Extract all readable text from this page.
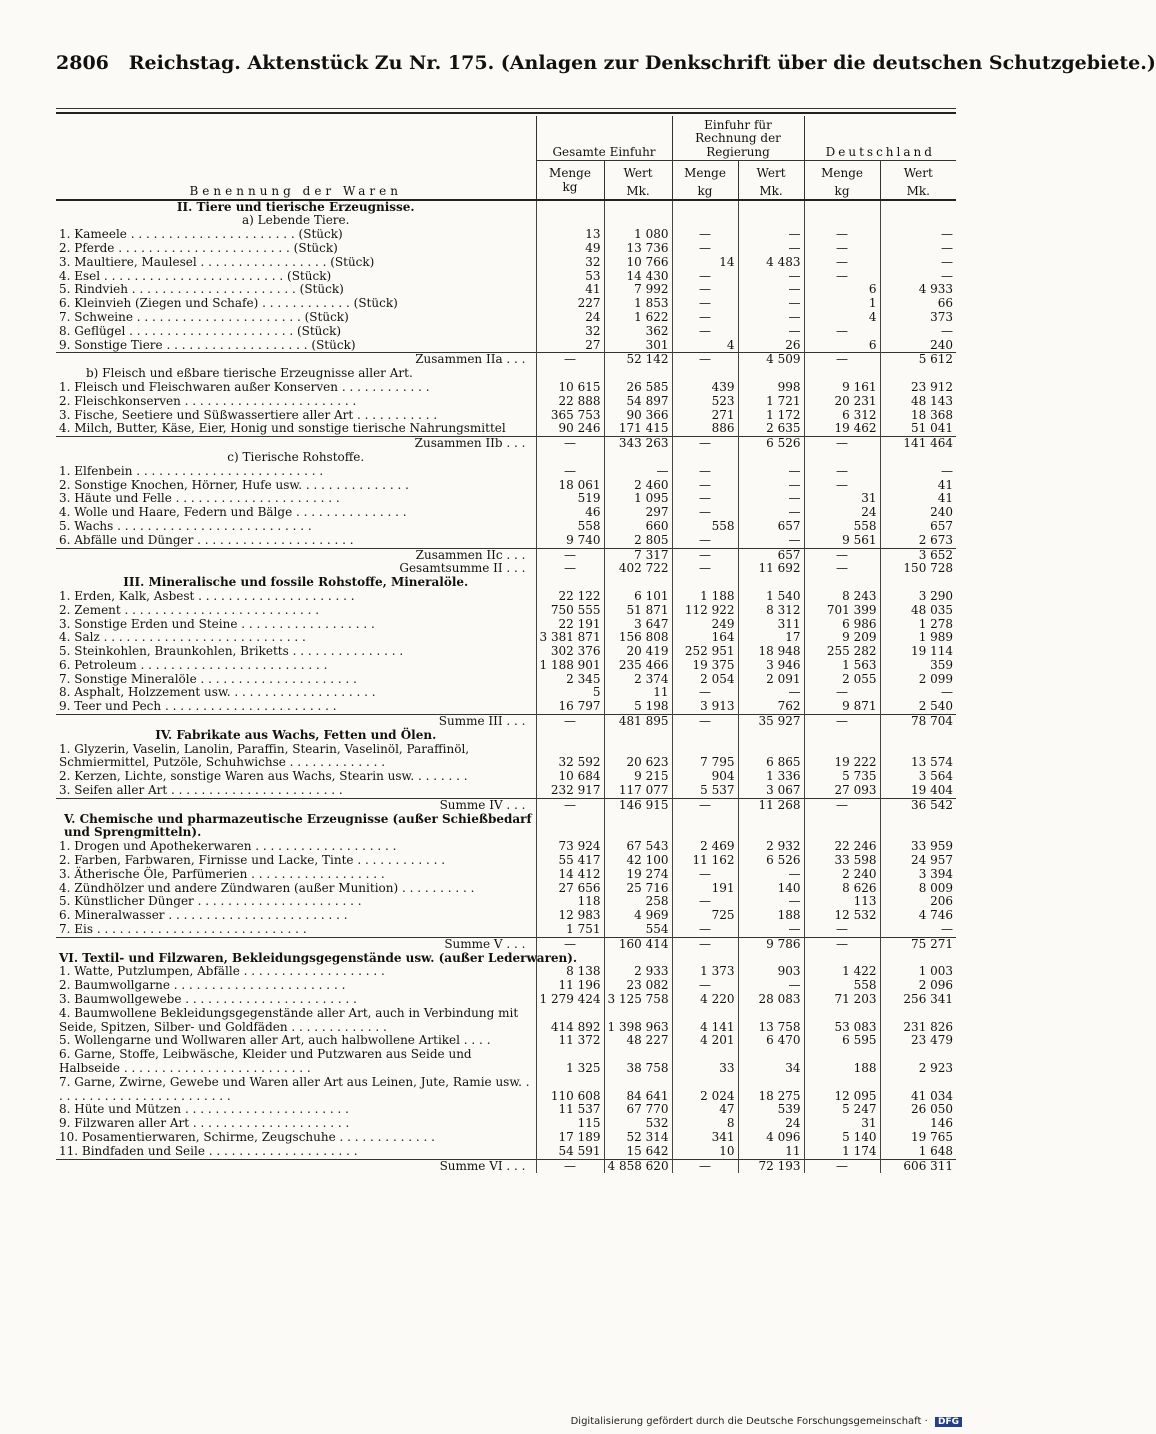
2806 Reichstag. Aktenstück Zu Nr. 175. (Anlagen zur Denkschrift über die deutschen Schutzgebiete.)
Benennung der Waren	Gesamte Einfuhr		Einfuhr für Rechnung der Regierung		Deutschland	
	Menge	Wert	Menge	Wert	Menge	Wert
	kg	Mk.	kg	Mk.	kg	Mk.
II. Tiere und tierische Erzeugnisse.						
a) Lebende Tiere.						
1. Kameele . . . . . . . . . . . . . . . . . . . . . . (Stück)	13	1 080	—	—	—	—
2. Pferde . . . . . . . . . . . . . . . . . . . . . . . (Stück)	49	13 736	—	—	—	—
3. Maultiere, Maulesel . . . . . . . . . . . . . . . . . (Stück)	32	10 766	14	4 483	—	—
4. Esel . . . . . . . . . . . . . . . . . . . . . . . . (Stück)	53	14 430	—	—	—	—
5. Rindvieh . . . . . . . . . . . . . . . . . . . . . . (Stück)	41	7 992	—	—	6	4 933
6. Kleinvieh (Ziegen und Schafe) . . . . . . . . . . . . (Stück)	227	1 853	—	—	1	66
7. Schweine . . . . . . . . . . . . . . . . . . . . . . (Stück)	24	1 622	—	—	4	373
8. Geflügel . . . . . . . . . . . . . . . . . . . . . . (Stück)	32	362	—	—	—	—
9. Sonstige Tiere . . . . . . . . . . . . . . . . . . . (Stück)	27	301	4	26	6	240
Zusammen IIa . . .	—	52 142	—	4 509	—	5 612
b) Fleisch und eßbare tierische Erzeugnisse aller Art.						
1. Fleisch und Fleischwaren außer Konserven . . . . . . . . . . . .	10 615	26 585	439	998	9 161	23 912
2. Fleischkonserven . . . . . . . . . . . . . . . . . . . . . . .	22 888	54 897	523	1 721	20 231	48 143
3. Fische, Seetiere und Süßwassertiere aller Art . . . . . . . . . . .	365 753	90 366	271	1 172	6 312	18 368
4. Milch, Butter, Käse, Eier, Honig und sonstige tierische Nahrungsmittel	90 246	171 415	886	2 635	19 462	51 041
Zusammen IIb . . .	—	343 263	—	6 526	—	141 464
c) Tierische Rohstoffe.						
1. Elfenbein . . . . . . . . . . . . . . . . . . . . . . . . .	—	—	—	—	—	—
2. Sonstige Knochen, Hörner, Hufe usw. . . . . . . . . . . . . . .	18 061	2 460	—	—	—	41
3. Häute und Felle . . . . . . . . . . . . . . . . . . . . . .	519	1 095	—	—	31	41
4. Wolle und Haare, Federn und Bälge . . . . . . . . . . . . . . .	46	297	—	—	24	240
5. Wachs . . . . . . . . . . . . . . . . . . . . . . . . . .	558	660	558	657	558	657
6. Abfälle und Dünger . . . . . . . . . . . . . . . . . . . . .	9 740	2 805	—	—	9 561	2 673
Zusammen IIc . . .	—	7 317	—	657	—	3 652
Gesamtsumme II . . .	—	402 722	—	11 692	—	150 728
III. Mineralische und fossile Rohstoffe, Mineralöle.						
1. Erden, Kalk, Asbest . . . . . . . . . . . . . . . . . . . . .	22 122	6 101	1 188	1 540	8 243	3 290
2. Zement . . . . . . . . . . . . . . . . . . . . . . . . . .	750 555	51 871	112 922	8 312	701 399	48 035
3. Sonstige Erden und Steine . . . . . . . . . . . . . . . . . .	22 191	3 647	249	311	6 986	1 278
4. Salz . . . . . . . . . . . . . . . . . . . . . . . . . . .	3 381 871	156 808	164	17	9 209	1 989
5. Steinkohlen, Braunkohlen, Briketts . . . . . . . . . . . . . . .	302 376	20 419	252 951	18 948	255 282	19 114
6. Petroleum . . . . . . . . . . . . . . . . . . . . . . . . .	1 188 901	235 466	19 375	3 946	1 563	359
7. Sonstige Mineralöle . . . . . . . . . . . . . . . . . . . . .	2 345	2 374	2 054	2 091	2 055	2 099
8. Asphalt, Holzzement usw. . . . . . . . . . . . . . . . . . . .	5	11	—	—	—	—
9. Teer und Pech . . . . . . . . . . . . . . . . . . . . . . .	16 797	5 198	3 913	762	9 871	2 540
Summe III . . .	—	481 895	—	35 927	—	78 704
IV. Fabrikate aus Wachs, Fetten und Ölen.						
1. Glyzerin, Vaselin, Lanolin, Paraffin, Stearin, Vaselinöl, Paraffinöl, Schmiermittel, Putzöle, Schuhwichse . . . . . . . . . . . . .	32 592	20 623	7 795	6 865	19 222	13 574
2. Kerzen, Lichte, sonstige Waren aus Wachs, Stearin usw. . . . . . . .	10 684	9 215	904	1 336	5 735	3 564
3. Seifen aller Art . . . . . . . . . . . . . . . . . . . . . . .	232 917	117 077	5 537	3 067	27 093	19 404
Summe IV . . .	—	146 915	—	11 268	—	36 542
V. Chemische und pharmazeutische Erzeugnisse (außer Schießbedarf und Sprengmitteln).						
1. Drogen und Apothekerwaren . . . . . . . . . . . . . . . . . . .	73 924	67 543	2 469	2 932	22 246	33 959
2. Farben, Farbwaren, Firnisse und Lacke, Tinte . . . . . . . . . . . .	55 417	42 100	11 162	6 526	33 598	24 957
3. Ätherische Öle, Parfümerien . . . . . . . . . . . . . . . . . .	14 412	19 274	—	—	2 240	3 394
4. Zündhölzer und andere Zündwaren (außer Munition) . . . . . . . . . .	27 656	25 716	191	140	8 626	8 009
5. Künstlicher Dünger . . . . . . . . . . . . . . . . . . . . . .	118	258	—	—	113	206
6. Mineralwasser . . . . . . . . . . . . . . . . . . . . . . . .	12 983	4 969	725	188	12 532	4 746
7. Eis . . . . . . . . . . . . . . . . . . . . . . . . . . . .	1 751	554	—	—	—	—
Summe V . . .	—	160 414	—	9 786	—	75 271
VI. Textil- und Filzwaren, Bekleidungsgegenstände usw. (außer Lederwaren).						
1. Watte, Putzlumpen, Abfälle . . . . . . . . . . . . . . . . . . .	8 138	2 933	1 373	903	1 422	1 003
2. Baumwollgarne . . . . . . . . . . . . . . . . . . . . . . .	11 196	23 082	—	—	558	2 096
3. Baumwollgewebe . . . . . . . . . . . . . . . . . . . . . . .	1 279 424	3 125 758	4 220	28 083	71 203	256 341
4. Baumwollene Bekleidungsgegenstände aller Art, auch in Verbindung mit Seide, Spitzen, Silber- und Goldfäden . . . . . . . . . . . . .	414 892	1 398 963	4 141	13 758	53 083	231 826
5. Wollengarne und Wollwaren aller Art, auch halbwollene Artikel . . . .	11 372	48 227	4 201	6 470	6 595	23 479
6. Garne, Stoffe, Leibwäsche, Kleider und Putzwaren aus Seide und Halbseide . . . . . . . . . . . . . . . . . . . . . . . . .	1 325	38 758	33	34	188	2 923
7. Garne, Zwirne, Gewebe und Waren aller Art aus Leinen, Jute, Ramie usw. . . . . . . . . . . . . . . . . . . . . . . . .	110 608	84 641	2 024	18 275	12 095	41 034
8. Hüte und Mützen . . . . . . . . . . . . . . . . . . . . . .	11 537	67 770	47	539	5 247	26 050
9. Filzwaren aller Art . . . . . . . . . . . . . . . . . . . . .	115	532	8	24	31	146
10. Posamentierwaren, Schirme, Zeugschuhe . . . . . . . . . . . . .	17 189	52 314	341	4 096	5 140	19 765
11. Bindfaden und Seile . . . . . . . . . . . . . . . . . . . .	54 591	15 642	10	11	1 174	1 648
Summe VI . . .	—	4 858 620	—	72 193	—	606 311
Digitalisierung gefördert durch die Deutsche Forschungsgemeinschaft · DFG
